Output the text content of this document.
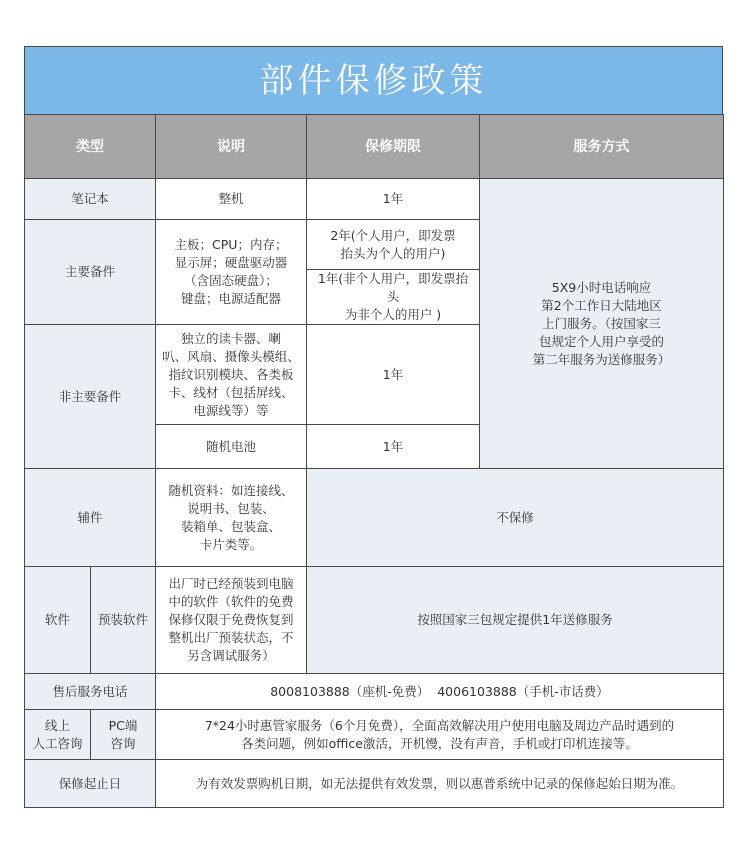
部件保修政策
类型		说明	保修期限	服务方式
笔记本		整机	1年	5X9小时电话响应
第2个工作日大陆地区
上门服务。（按国家三
包规定个人用户享受的
第二年服务为送修服务）
主要备件		主板；CPU；内存；
显示屏；硬盘驱动器
（含固态硬盘）；
键盘；电源适配器	2年(个人用户，即发票
抬头为个人的用户)	
			1年(非个人用户，即发票抬头
为非个人的用户 )	
非主要备件		独立的读卡器、喇
叭、风扇、摄像头模组、
指纹识别模块、各类板
卡、线材（包括屏线、
电源线等）等	1年	
		随机电池	1年	
辅件		随机资料：如连接线、
说明书、包装、
装箱单、包装盒、
卡片类等。	不保修	
软件	预装软件	出厂时已经预装到电脑
中的软件（软件的免费
保修仅限于免费恢复到
整机出厂预装状态，不
另含调试服务）	按照国家三包规定提供1年送修服务	
售后服务电话		8008103888（座机-免费）  4006103888（手机-市话费）		
线上
人工咨询	PC端
咨询	7*24小时惠管家服务（6个月免费），全面高效解决用户使用电脑及周边产品时遇到的
各类问题，例如office激活，开机慢，没有声音，手机或打印机连接等。		
保修起止日		为有效发票购机日期，如无法提供有效发票，则以惠普系统中记录的保修起始日期为准。		
